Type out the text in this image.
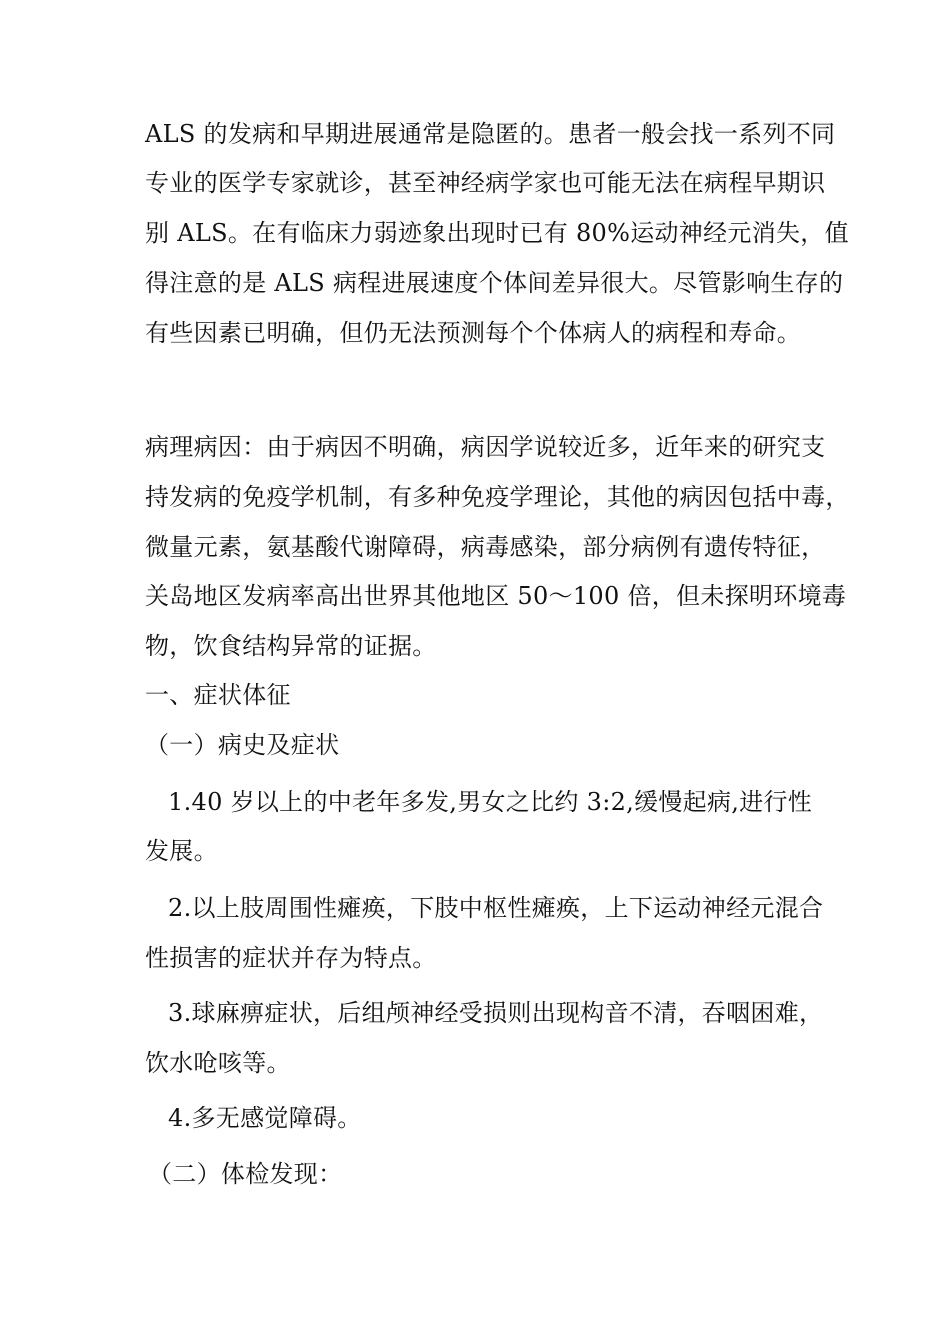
ALS 的发病和早期进展通常是隐匿的。患者一般会找一系列不同
专业的医学专家就诊，甚至神经病学家也可能无法在病程早期识
别 ALS。在有临床力弱迹象出现时已有 80%运动神经元消失，值
得注意的是 ALS 病程进展速度个体间差异很大。尽管影响生存的
有些因素已明确，但仍无法预测每个个体病人的病程和寿命。
病理病因：由于病因不明确，病因学说较近多，近年来的研究支
持发病的免疫学机制，有多种免疫学理论，其他的病因包括中毒，
微量元素，氨基酸代谢障碍，病毒感染，部分病例有遗传特征，
关岛地区发病率高出世界其他地区 50～100 倍，但未探明环境毒
物，饮食结构异常的证据。
一、症状体征
（一）病史及症状
1.40 岁以上的中老年多发,男女之比约 3:2,缓慢起病,进行性
发展。
2.以上肢周围性瘫痪，下肢中枢性瘫痪，上下运动神经元混合
性损害的症状并存为特点。
3.球麻痹症状，后组颅神经受损则出现构音不清，吞咽困难，
饮水呛咳等。
4.多无感觉障碍。
（二）体检发现：
